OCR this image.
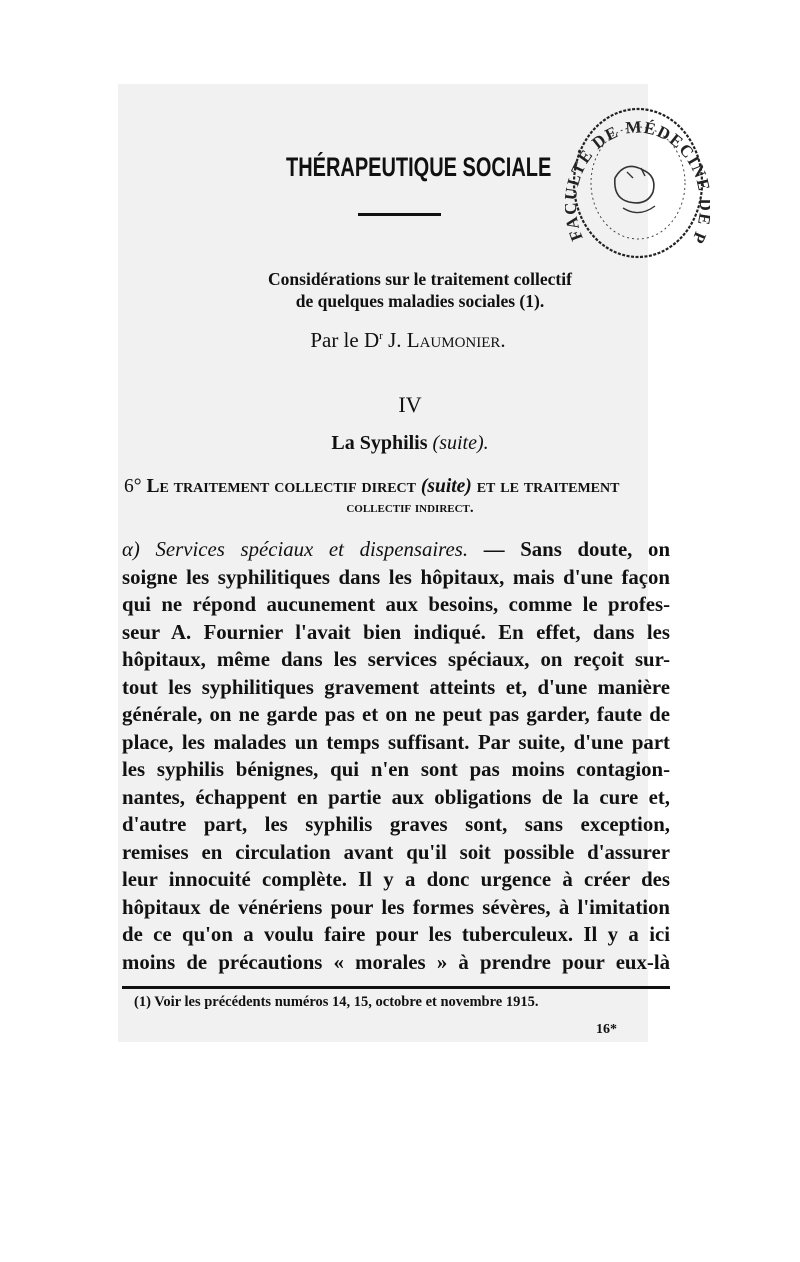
THÉRAPEUTIQUE SOCIALE
F LTÉ DE MÉDECIN P
Considérations sur le traitement collectif
de quelques maladies sociales (1).
Par le $D^r$ J. Laumonier.
IV
La Syphilis (suite).
6° Le traitement collectif direct (suite) et le traitement
collectif indirect.
α) Services spéciaux et dispensaires. — Sans doute, on
soigne les syphilitiques dans les hôpitaux, mais d'une façon
qui ne répond aucunement aux besoins, comme le profes-
seur A. Fournier l'avait bien indiqué. En effet, dans les
hôpitaux, même dans les services spéciaux, on reçoit sur-
tout les syphilitiques gravement atteints et, d'une manière
générale, on ne garde pas et on ne peut pas garder, faute de
place, les malades un temps suffisant. Par suite, d'une part
les syphilis bénignes, qui n'en sont pas moins contagion-
nantes, échappent en partie aux obligations de la cure et,
d'autre part, les syphilis graves sont, sans exception,
remises en circulation avant qu'il soit possible d'assurer
leur innocuité complète. Il y a donc urgence à créer des
hôpitaux de vénériens pour les formes sévères, à l'imitation
de ce qu'on a voulu faire pour les tuberculeux. Il y a ici
moins de précautions « morales » à prendre pour eux-là
(1) Voir les précédents numéros 14, 15, octobre et novembre 1915.
16*
